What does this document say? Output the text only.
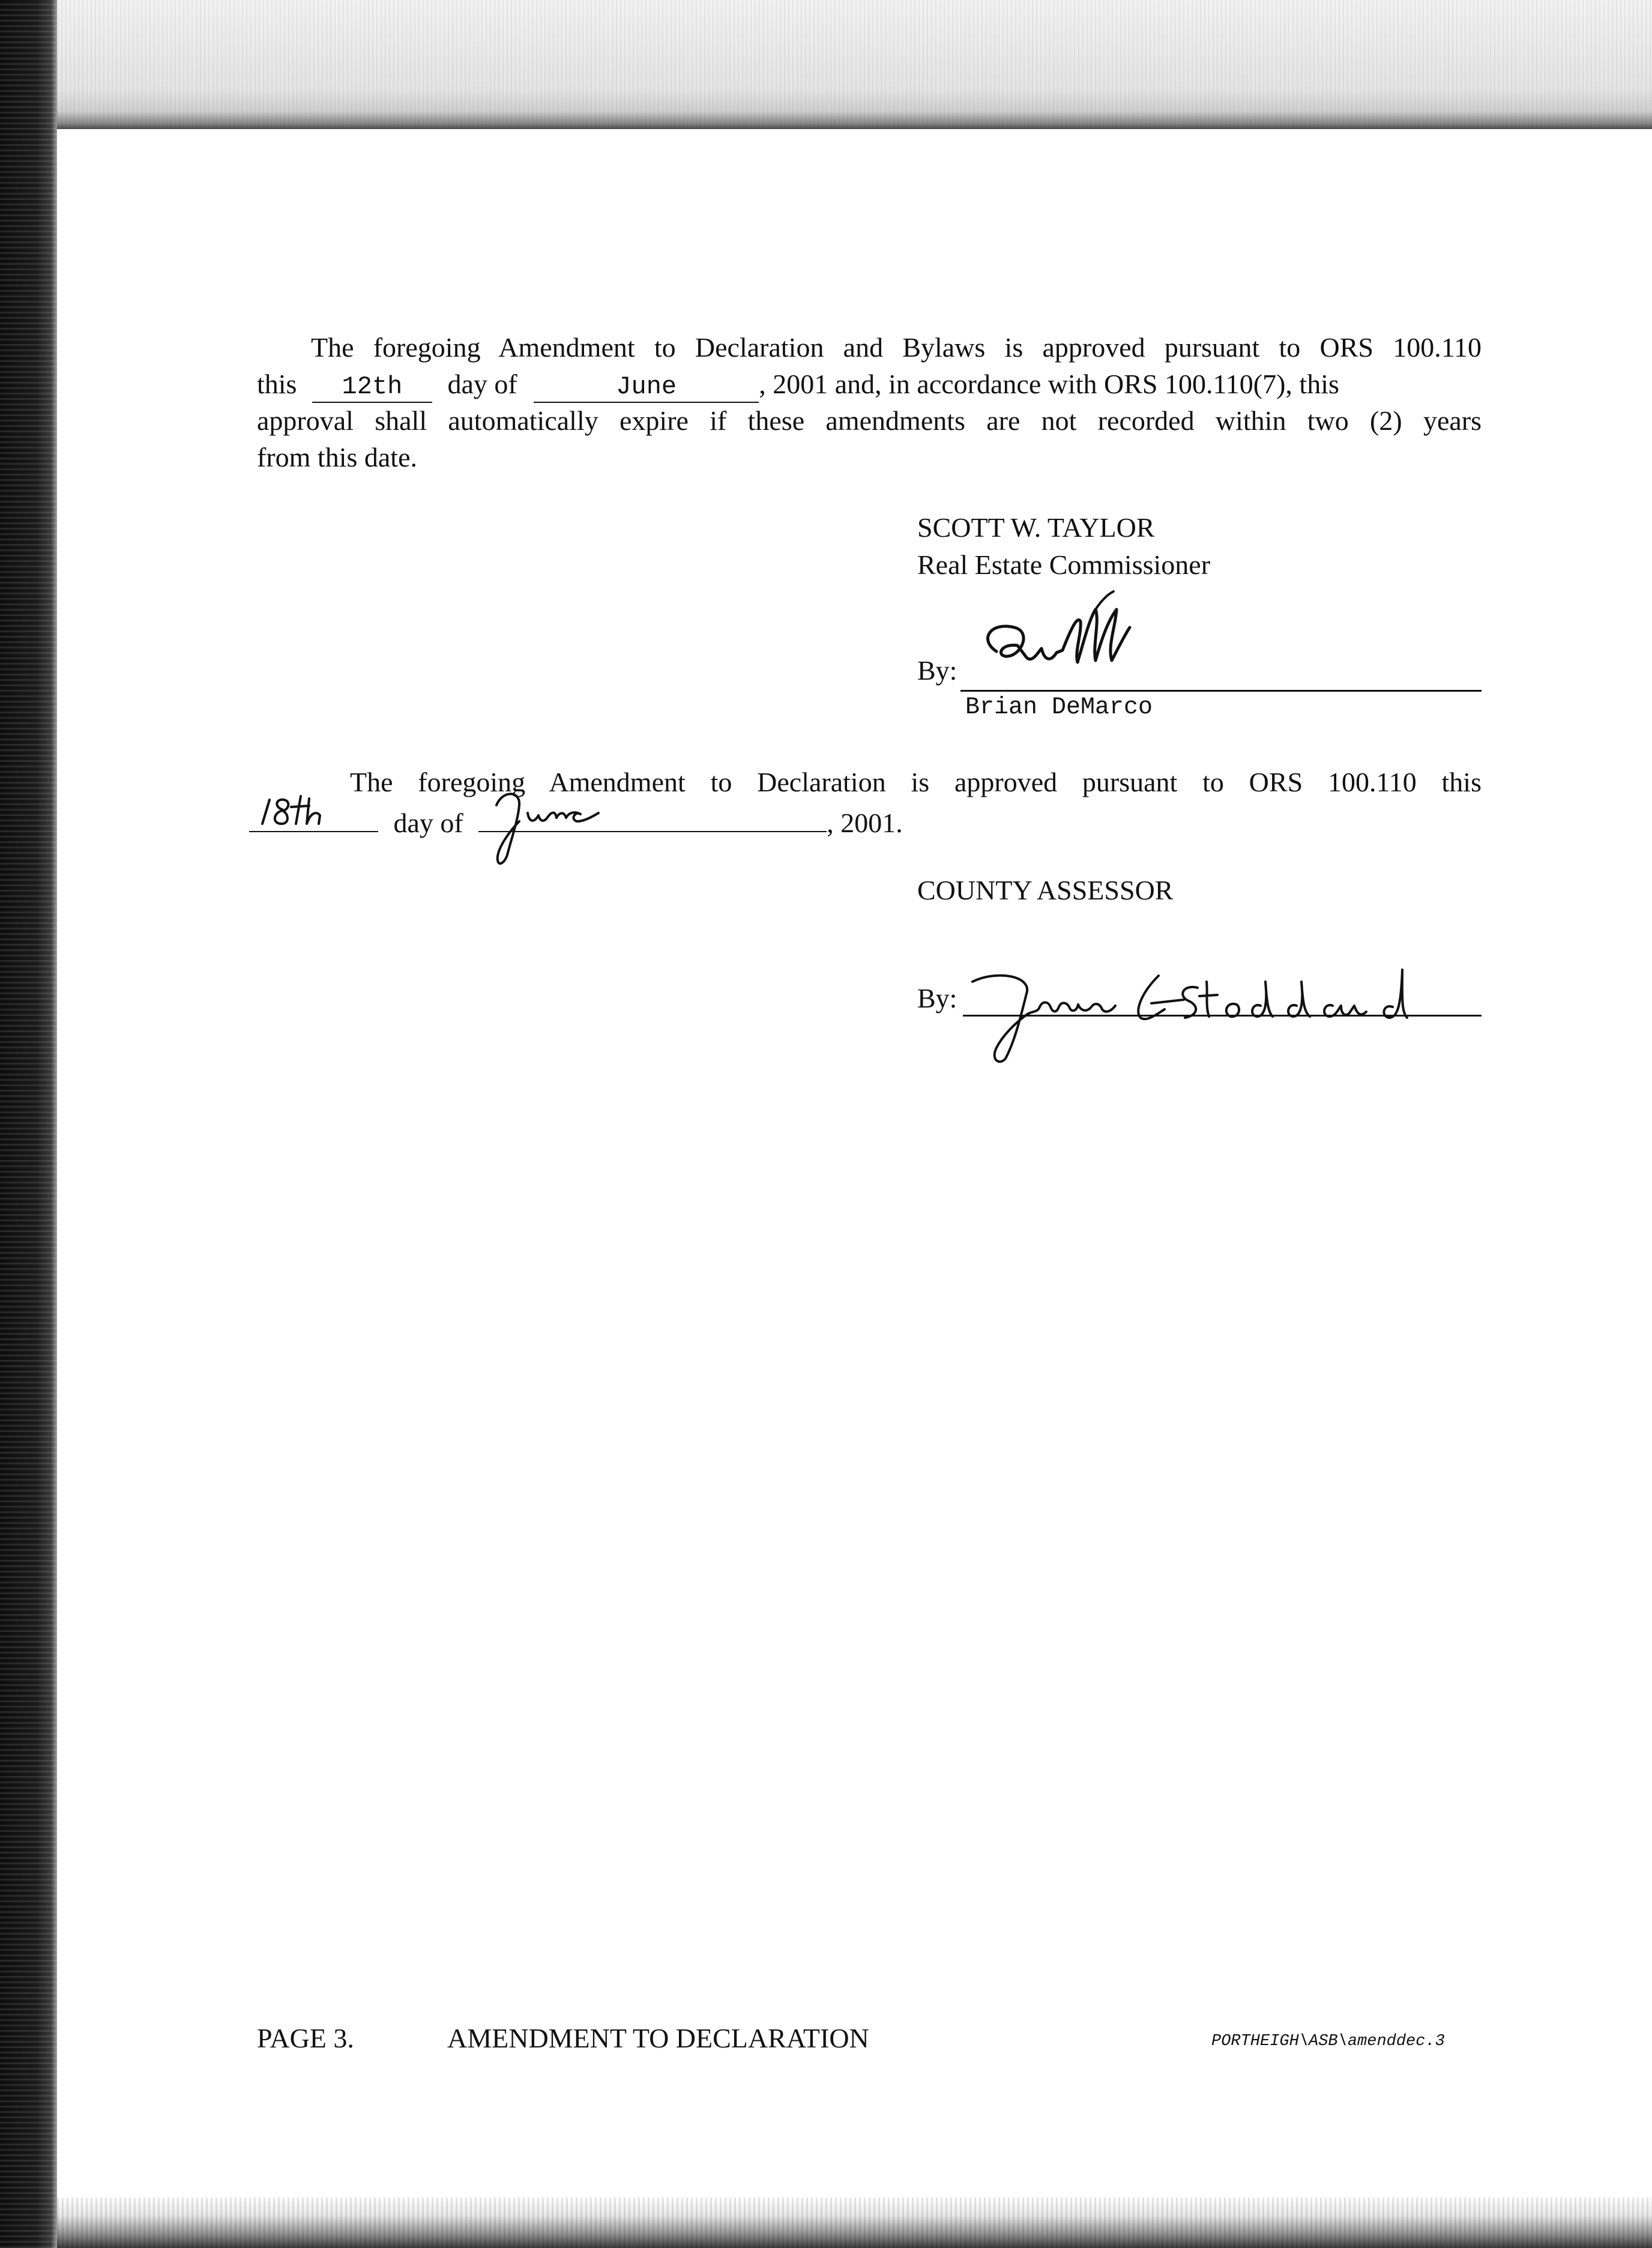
The foregoing Amendment to Declaration and Bylaws is approved pursuant to ORS 100.110
this 12th day of	June	, 2001 and, in accordance with ORS 100.110(7), this
approval shall automatically expire if these amendments are not recorded within two (2) years
from this date.
SCOTT W. TAYLOR
Real Estate Commissioner
By:
Brian DeMarco
The foregoing Amendment to Declaration is approved pursuant to ORS 100.110 this
day of	, 2001.
COUNTY ASSESSOR
By:
PAGE 3.	AMENDMENT TO DECLARATION	PORTHEIGH\ASB\amenddec.3
